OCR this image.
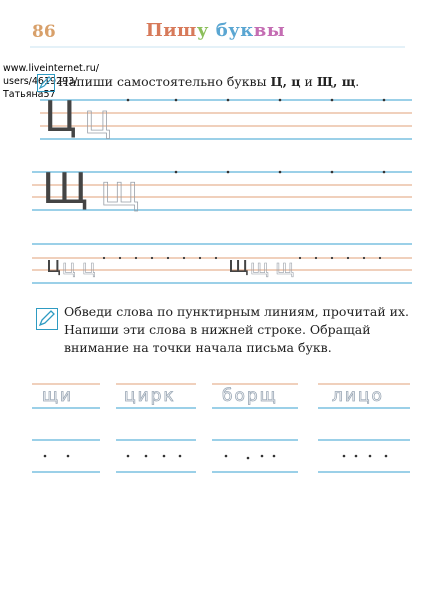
86	Пишу буквы
www.liveinternet.ru/
users/4619293/
Татьяна57
Напиши самостоятельно буквы Ц, ц и Щ, щ.
Ц ц
Щ щ
ц ц ц	щ щ щ
Обведи слова по пунктирным линиям, прочитай их. Напиши эти слова в нижней строке. Обращай внимание на точки начала письма букв.
щи	цирк	борщ	лицо
